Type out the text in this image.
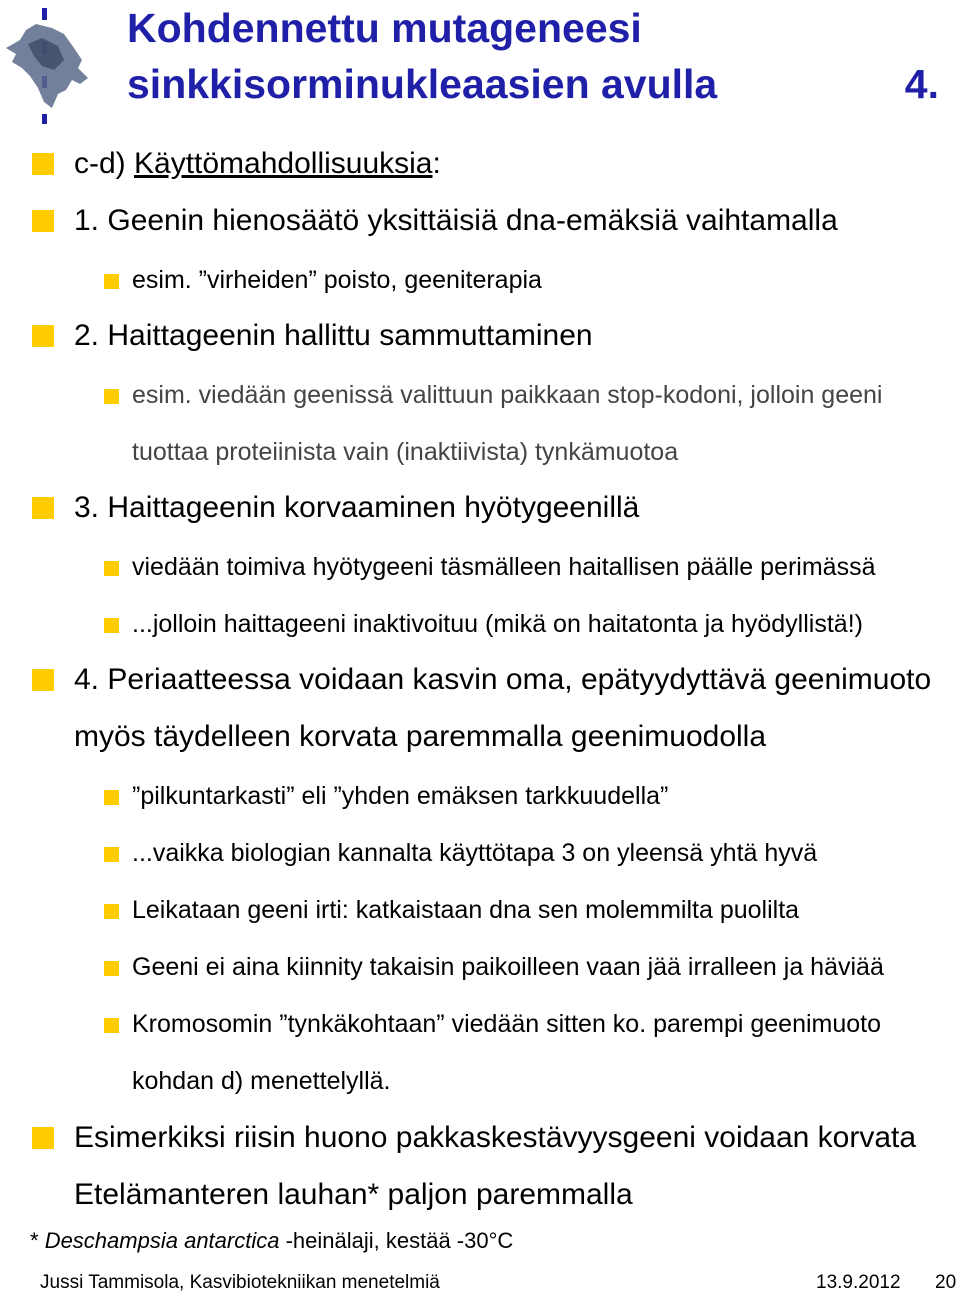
Kohdennettu mutageneesi
sinkkisorminukleaasien avulla	4.
c-d) Käyttömahdollisuuksia:
1. Geenin hienosäätö yksittäisiä dna-emäksiä vaihtamalla
esim. ”virheiden” poisto, geeniterapia
2. Haittageenin hallittu sammuttaminen
esim. viedään geenissä valittuun paikkaan stop-kodoni, jolloin geeni
tuottaa proteiinista vain (inaktiivista) tynkämuotoa
3. Haittageenin korvaaminen hyötygeenillä
viedään toimiva hyötygeeni täsmälleen haitallisen päälle perimässä
...jolloin haittageeni inaktivoituu (mikä on haitatonta ja hyödyllistä!)
4. Periaatteessa voidaan kasvin oma, epätyydyttävä geenimuoto
myös täydelleen korvata paremmalla geenimuodolla
”pilkuntarkasti” eli ”yhden emäksen tarkkuudella”
...vaikka biologian kannalta käyttötapa 3 on yleensä yhtä hyvä
Leikataan geeni irti: katkaistaan dna sen molemmilta puolilta
Geeni ei aina kiinnity takaisin paikoilleen vaan jää irralleen ja häviää
Kromosomin ”tynkäkohtaan” viedään sitten ko. parempi geenimuoto
kohdan d) menettelyllä.
Esimerkiksi riisin huono pakkaskestävyysgeeni voidaan korvata
Etelämanteren lauhan* paljon paremmalla
* Deschampsia antarctica -heinälaji, kestää -30°C
Jussi Tammisola, Kasvibiotekniikan menetelmiä	13.9.2012 20
